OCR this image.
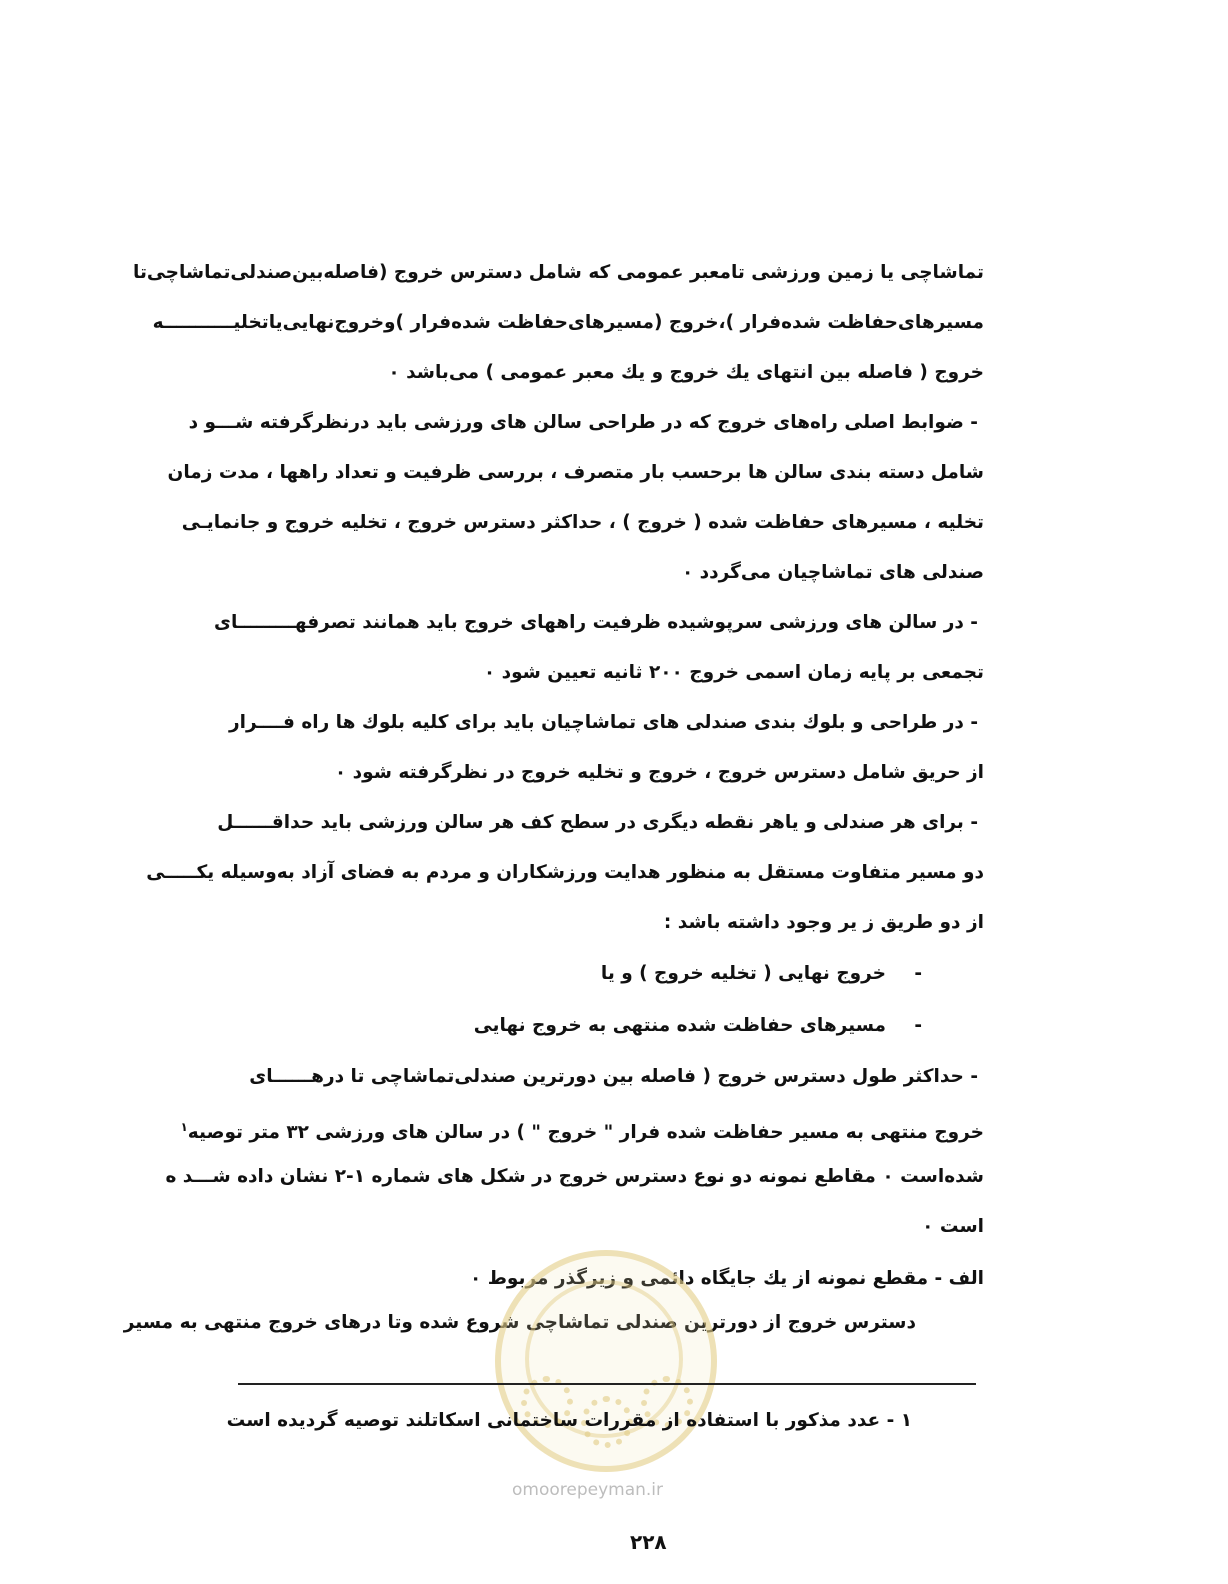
تماشاچی یا زمین ورزشی تامعبر عمومی که شامل دسترس خروج (فاصله‌بین‌صندلی‌تماشاچی‌تا
مسیرهای‌حفاظت شده‌فرار )،خروج (مسیرهای‌حفاظت شده‌فرار )وخروج‌نهایی‌یاتخلیـــــــــــه
خروج ( فاصله بین انتهای یك خروج و یك معبر عمومی ) می‌باشد ۰
- ضوابط اصلی راه‌های خروج که در طراحی سالن های ورزشی باید درنظرگرفته شـــو د
شامل دسته بندی سالن ها برحسب بار متصرف ، بررسی ظرفیت و تعداد راهها ، مدت زمان
تخلیه ، مسیرهای حفاظت شده ( خروج ) ، حداکثر دسترس خروج ، تخلیه خروج و جانمایـی
صندلی های تماشاچیان می‌گردد ۰
- در سالن های ورزشی سرپوشیده ظرفیت راههای خروج باید همانند تصرفهـــــــــای
تجمعی بر پایه زمان اسمی خروج ۲۰۰ ثانیه تعیین شود ۰
- در طراحی و بلوك بندی صندلی های تماشاچیان باید برای کلیه بلوك ها راه فــــرار
از حریق شامل دسترس خروج ، خروج و تخلیه خروج در نظرگرفته شود ۰
- برای هر صندلی و یاهر نقطه دیگری در سطح کف هر سالن ورزشی باید حداقــــــل
دو مسیر متفاوت مستقل به منظور هدایت ورزشکاران و مردم به فضای آزاد به‌وسیله یکـــــی
از دو طریق ز یر وجود داشته باشد :
-
خروج نهایی ( تخلیه خروج ) و یا
-
مسیرهای حفاظت شده منتهی به خروج نهایی
- حداکثر طول دسترس خروج ( فاصله بین دورترین صندلی‌تماشاچی تا درهــــــای
خروج منتهی به مسیر حفاظت شده فرار " خروج " ) در سالن های ورزشی ۳۲ متر توصیه$^۱$
شده‌است ۰ مقاطع نمونه دو نوع دسترس خروج در شکل های شماره ۱-۲ نشان داده شـــد ه
است ۰
الف - مقطع نمونه از یك جایگاه دائمی و زیرگذر مربوط ۰
دسترس خروج از دورترین صندلی تماشاچی شروع شده وتا درهای خروج منتهی به مسیر
۱ - عدد مذکور با استفاده از مقررات ساختمانی اسکاتلند توصیه گردیده است
omoorepeyman.ir
۲۲۸
